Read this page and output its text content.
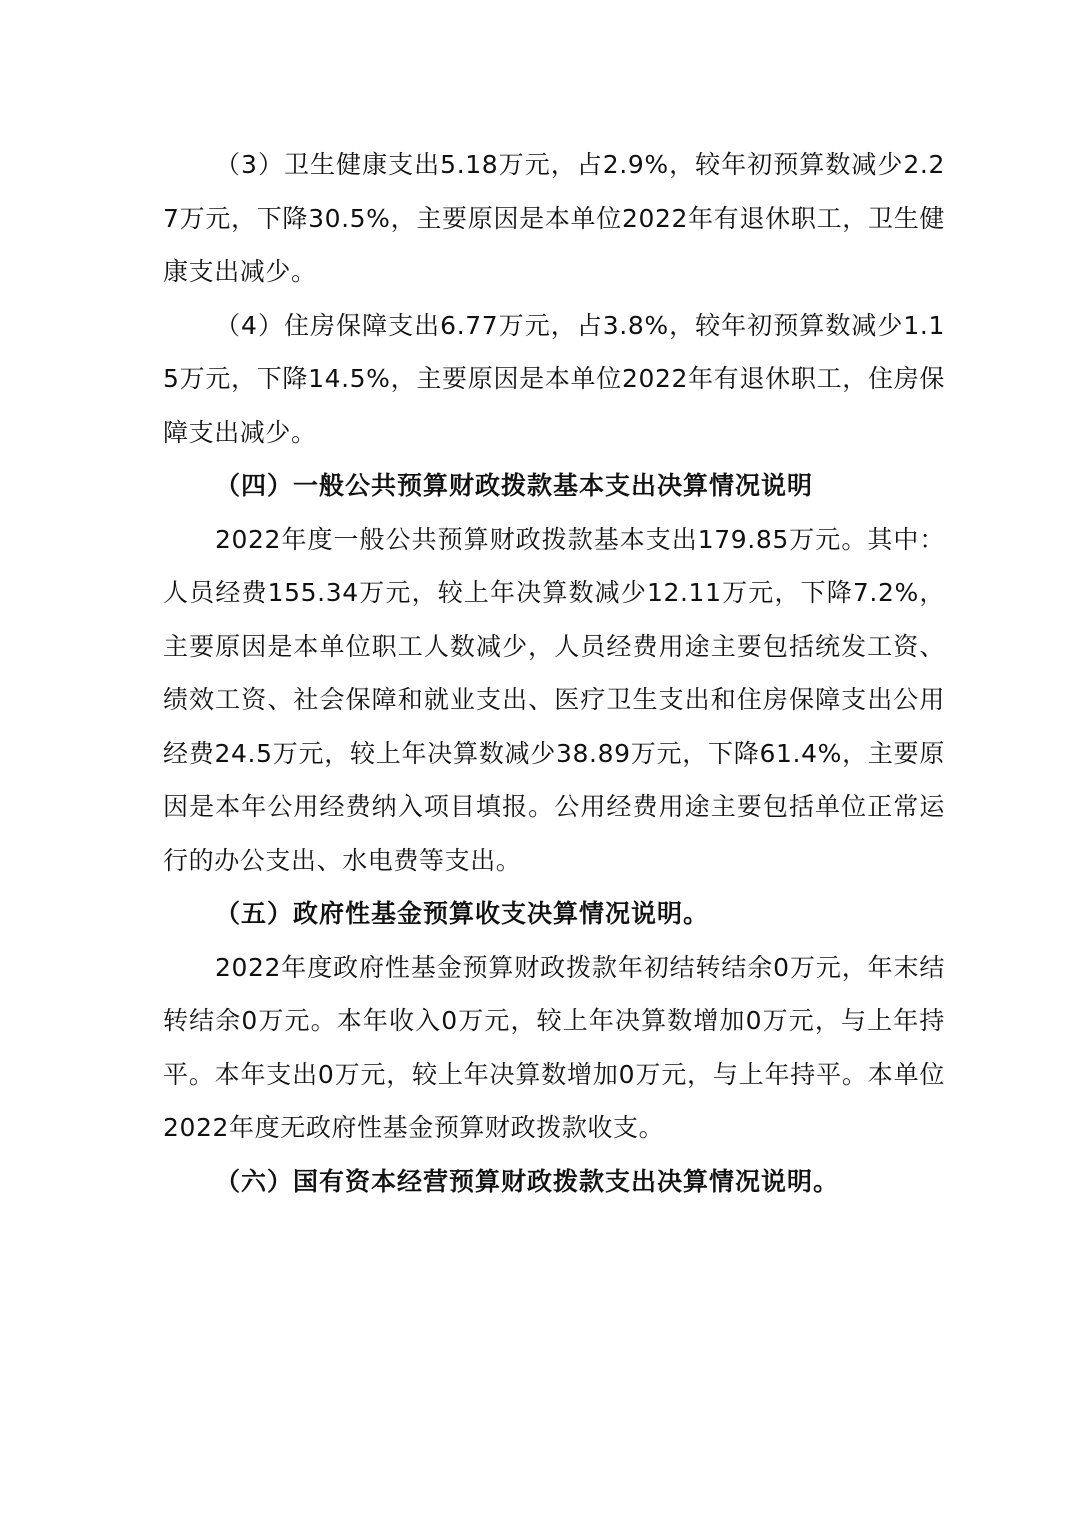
（3）卫生健康支出5.18万元，占2.9%，较年初预算数减少2.27万元，下降30.5%，主要原因是本单位2022年有退休职工，卫生健康支出减少。

（4）住房保障支出6.77万元，占3.8%，较年初预算数减少1.15万元，下降14.5%，主要原因是本单位2022年有退休职工，住房保障支出减少。

（四）一般公共预算财政拨款基本支出决算情况说明

2022年度一般公共预算财政拨款基本支出179.85万元。其中：人员经费155.34万元，较上年决算数减少12.11万元，下降7.2%，主要原因是本单位职工人数减少，人员经费用途主要包括统发工资、绩效工资、社会保障和就业支出、医疗卫生支出和住房保障支出公用经费24.5万元，较上年决算数减少38.89万元，下降61.4%，主要原因是本年公用经费纳入项目填报。公用经费用途主要包括单位正常运行的办公支出、水电费等支出。

（五）政府性基金预算收支决算情况说明。

2022年度政府性基金预算财政拨款年初结转结余0万元，年末结转结余0万元。本年收入0万元，较上年决算数增加0万元，与上年持平。本年支出0万元，较上年决算数增加0万元，与上年持平。本单位2022年度无政府性基金预算财政拨款收支。

（六）国有资本经营预算财政拨款支出决算情况说明。
